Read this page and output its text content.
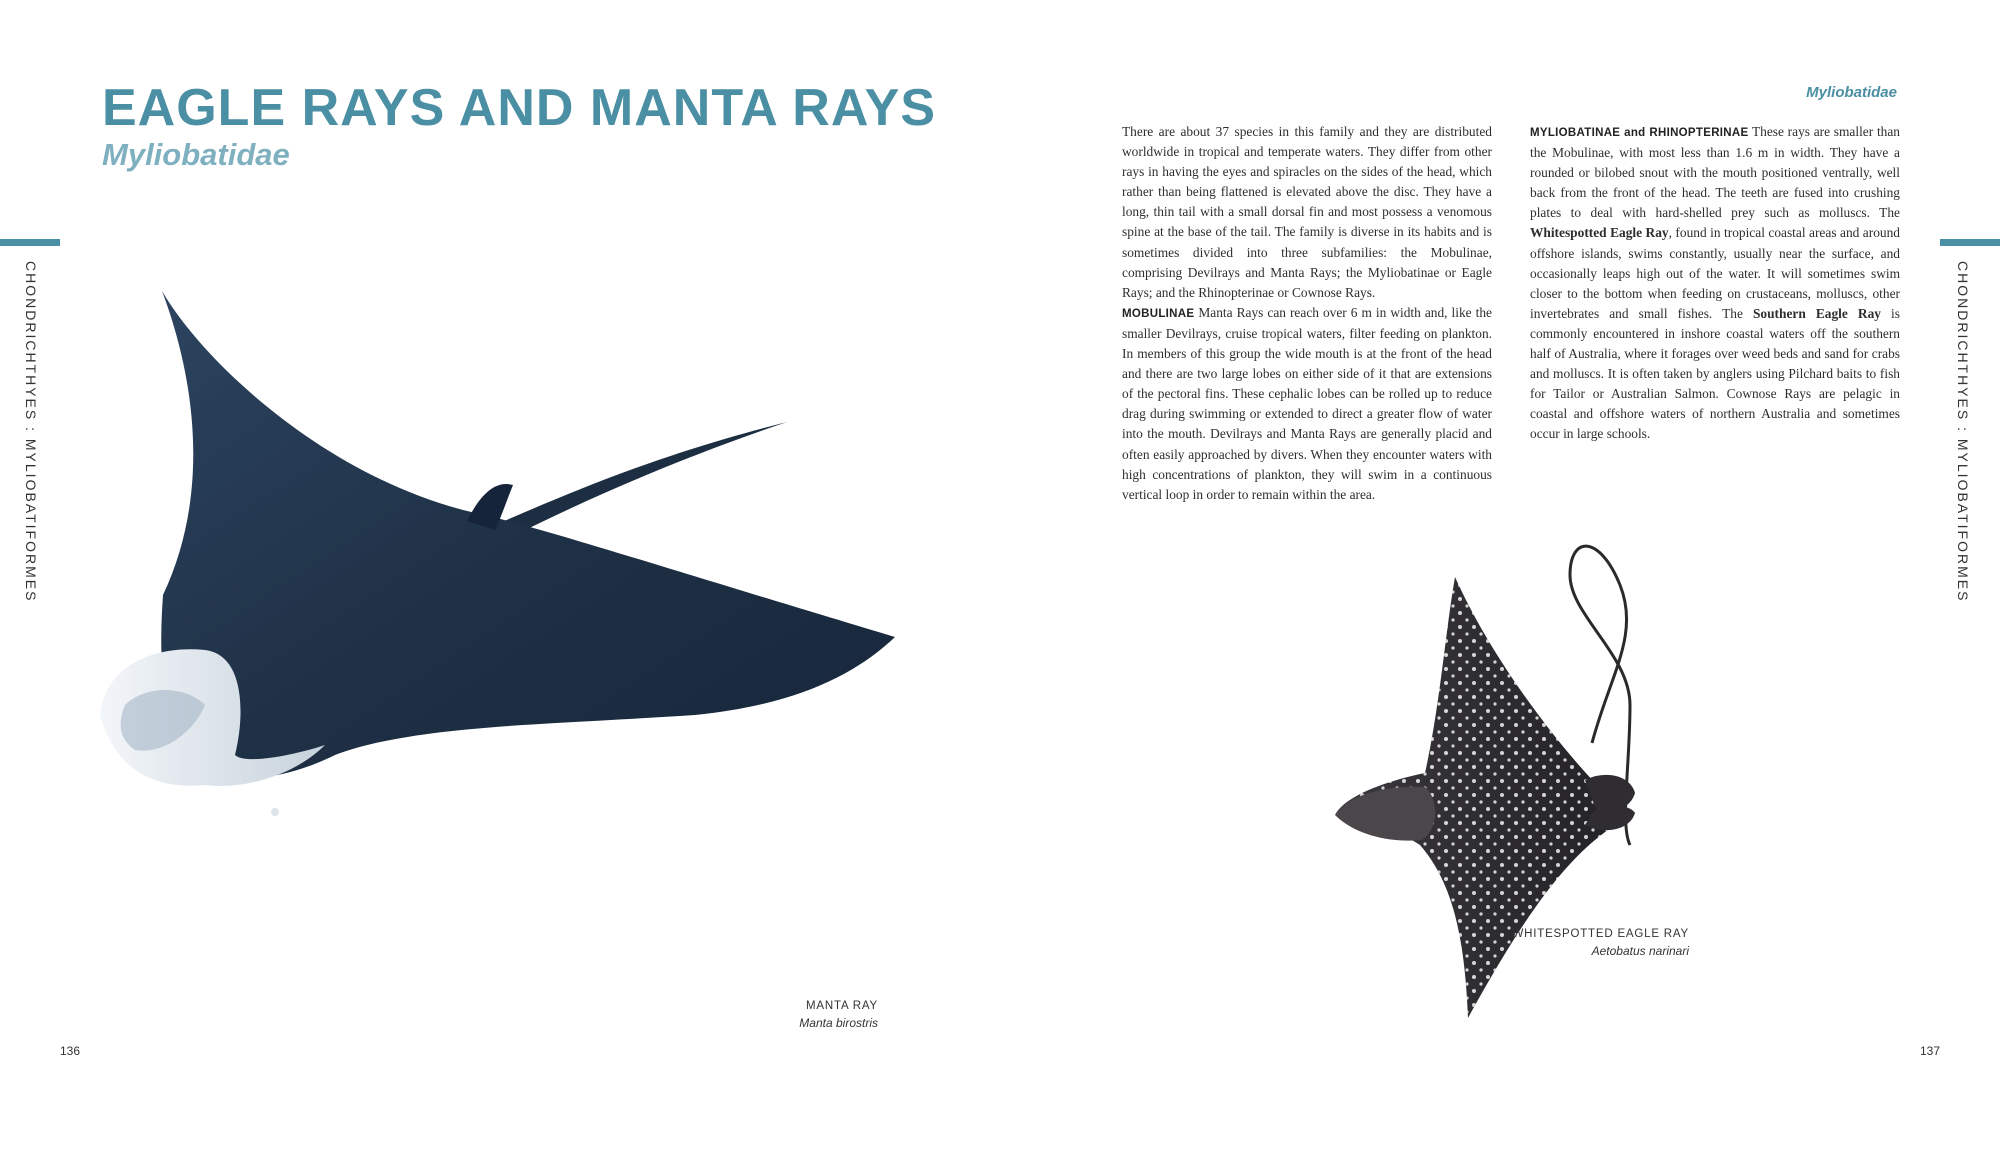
EAGLE RAYS AND MANTA RAYS
Myliobatidae
CHONDRICHTHYES : MYLIOBATIFORMES
MANTA RAY
Manta birostris
136
Myliobatidae
CHONDRICHTHYES : MYLIOBATIFORMES

There are about 37 species in this family and they are distributed worldwide in tropical and temperate waters. They differ from other rays in having the eyes and spiracles on the sides of the head, which rather than being flattened is elevated above the disc. They have a long, thin tail with a small dorsal fin and most possess a venomous spine at the base of the tail. The family is diverse in its habits and is sometimes divided into three subfamilies: the Mobulinae, comprising Devilrays and Manta Rays; the Myliobatinae or Eagle Rays; and the Rhinopterinae or Cownose Rays.

MOBULINAE Manta Rays can reach over 6 m in width and, like the smaller Devilrays, cruise tropical waters, filter feeding on plankton. In members of this group the wide mouth is at the front of the head and there are two large lobes on either side of it that are extensions of the pectoral fins. These cephalic lobes can be rolled up to reduce drag during swimming or extended to direct a greater flow of water into the mouth. Devilrays and Manta Rays are generally placid and often easily approached by divers. When they encounter waters with high concentrations of plankton, they will swim in a continuous vertical loop in order to remain within the area.

MYLIOBATINAE and RHINOPTERINAE These rays are smaller than the Mobulinae, with most less than 1.6 m in width. They have a rounded or bilobed snout with the mouth positioned ventrally, well back from the front of the head. The teeth are fused into crushing plates to deal with hard-shelled prey such as molluscs. The Whitespotted Eagle Ray, found in tropical coastal areas and around offshore islands, swims constantly, usually near the surface, and occasionally leaps high out of the water. It will sometimes swim closer to the bottom when feeding on crustaceans, molluscs, other invertebrates and small fishes. The Southern Eagle Ray is commonly encountered in inshore coastal waters off the southern half of Australia, where it forages over weed beds and sand for crabs and molluscs. It is often taken by anglers using Pilchard baits to fish for Tailor or Australian Salmon. Cownose Rays are pelagic in coastal and offshore waters of northern Australia and sometimes occur in large schools.

WHITESPOTTED EAGLE RAY
Aetobatus narinari
137
